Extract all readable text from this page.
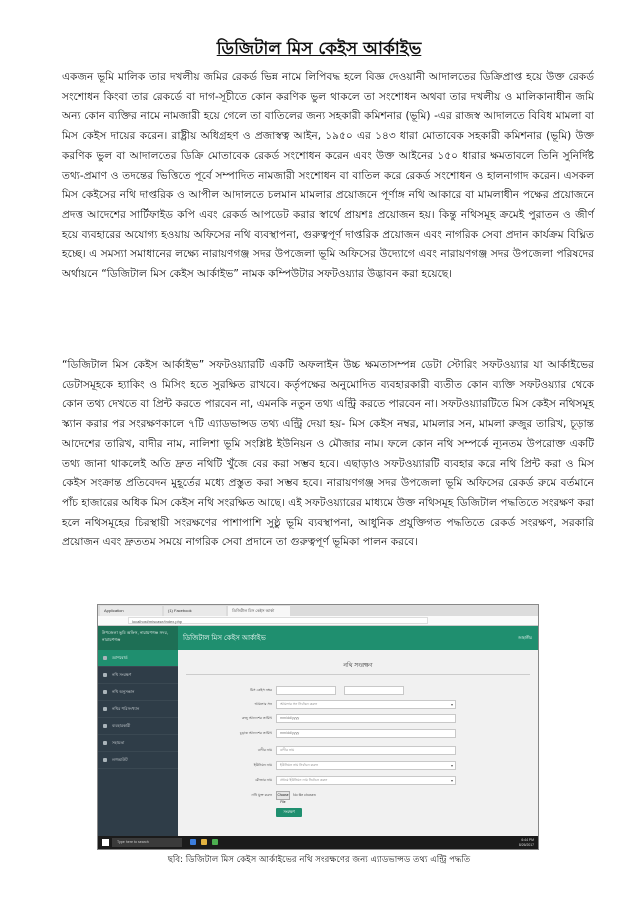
ডিজিটাল মিস কেইস আর্কাইভ

একজন ভূমি মালিক তার দখলীয় জমির রেকর্ড ভিন্ন নামে লিপিবদ্ধ হলে বিজ্ঞ দেওয়ানী আদালতের ডিক্রিপ্রাপ্ত হয়ে উক্ত রেকর্ড সংশোধন কিংবা তার রেকর্ডে বা দাগ-সূচীতে কোন করণিক ভুল থাকলে তা সংশোধন অথবা তার দখলীয় ও মালিকানাধীন জমি অন্য কোন ব্যক্তির নামে নামজারী হয়ে গেলে তা বাতিলের জন্য সহকারী কমিশনার (ভূমি) -এর রাজস্ব আদালতে বিবিধ মামলা বা মিস কেইস দায়ের করেন। রাষ্ট্রীয় অধিগ্রহণ ও প্রজাস্বত্ব আইন, ১৯৫০ এর ১৪৩ ধারা মোতাবেক সহকারী কমিশনার (ভূমি) উক্ত করণিক ভুল বা আদালতের ডিক্রি মোতাবেক রেকর্ড সংশোধন করেন এবং উক্ত আইনের ১৫০ ধারার ক্ষমতাবলে তিনি সুনির্দিষ্ট তথ্য-প্রমাণ ও তদন্তের ভিত্তিতে পূর্বে সম্পাদিত নামজারী সংশোধন বা বাতিল করে রেকর্ড সংশোধন ও হালনাগাদ করেন। এসকল মিস কেইসের নথি দাপ্তরিক ও আপীল আদালতে চলমান মামলার প্রয়োজনে পূর্ণাঙ্গ নথি আকারে বা মামলাধীন পক্ষের প্রয়োজনে প্রদত্ত আদেশের সার্টিফাইড কপি এবং রেকর্ড আপডেট করার স্বার্থে প্রায়শঃ প্রয়োজন হয়। কিন্তু নথিসমূহ ক্রমেই পুরাতন ও জীর্ণ হয়ে ব্যবহারের অযোগ্য হওয়ায় অফিসের নথি ব্যবস্থাপনা, গুরুত্বপূর্ণ দাপ্তরিক প্রয়োজন এবং নাগরিক সেবা প্রদান কার্যক্রম বিঘ্নিত হচ্ছে। এ সমস্যা সমাধানের লক্ষ্যে নারায়ণগঞ্জ সদর উপজেলা ভূমি অফিসের উদ্যোগে এবং নারায়ণগঞ্জ সদর উপজেলা পরিষদের অর্থায়নে “ডিজিটাল মিস কেইস আর্কাইভ” নামক কম্পিউটার সফটওয়্যার উদ্ভাবন করা হয়েছে।

“ডিজিটাল মিস কেইস আর্কাইভ” সফটওয়্যারটি একটি অফলাইন উচ্চ ক্ষমতাসম্পন্ন ডেটা স্টোরিং সফটওয়্যার যা আর্কাইভের ডেটাসমূহকে হ্যাকিং ও মিসিং হতে সুরক্ষিত রাখবে। কর্তৃপক্ষের অনুমোদিত ব্যবহারকারী ব্যতীত কোন ব্যক্তি সফটওয়্যার থেকে কোন তথ্য দেখতে বা প্রিন্ট করতে পারবেন না, এমনকি নতুন তথ্য এন্ট্রি করতে পারবেন না। সফটওয়্যারটিতে মিস কেইস নথিসমূহ স্ক্যান করার পর সংরক্ষণকালে ৭টি এ্যাডভান্সড তথ্য এন্ট্রি দেয়া হয়- মিস কেইস নম্বর, মামলার সন, মামলা রুজুর তারিখ, চূড়ান্ত আদেশের তারিখ, বাদীর নাম, নালিশা ভূমি সংশ্লিষ্ট ইউনিয়ন ও মৌজার নাম। ফলে কোন নথি সম্পর্কে ন্যূনতম উপরোক্ত একটি তথ্য জানা থাকলেই অতি দ্রুত নথিটি খুঁজে বের করা সম্ভব হবে। এছাড়াও সফটওয়্যারটি ব্যবহার করে নথি প্রিন্ট করা ও মিস কেইস সংক্রান্ত প্রতিবেদন মুহূর্তের মধ্যে প্রস্তুত করা সম্ভব হবে। নারায়ণগঞ্জ সদর উপজেলা ভূমি অফিসের রেকর্ড রুমে বর্তমানে পাঁচ হাজারের অধিক মিস কেইস নথি সংরক্ষিত আছে। এই সফটওয়্যারের মাধ্যমে উক্ত নথিসমূহ ডিজিটাল পদ্ধতিতে সংরক্ষণ করা হলে নথিসমূহের চিরস্থায়ী সংরক্ষণের পাশাপাশি সুষ্ঠু ভূমি ব্যবস্থাপনা, আধুনিক প্রযুক্তিগত পদ্ধতিতে রেকর্ড সংরক্ষণ, সরকারি প্রয়োজন এবং দ্রুততম সময়ে নাগরিক সেবা প্রদানে তা গুরুত্বপূর্ণ ভূমিকা পালন করবে।

Application	(1) Facebook	ডিজিটাল মিস কেইস আর্কা
localhost/miscase/index.php
উপজেলা ভূমি অফিস, নারায়ণগঞ্জ সদর, নারায়ণগঞ্জ
ড্যাশবোর্ড
নথি সংরক্ষণ
নথি অনুসন্ধান
নথির পরিসংখ্যান
ব্যবহারকারী
সহায়তা
লগআউট
ডিজিটাল মিস কেইস আর্কাইভ	জাহাঙ্গীর
নথি সংরক্ষণ
মিস কেইস নম্বর
আমলার সন	আমলার সন নির্বাচন করুন ▾
রুজু আদেশের তারিখ	mm/dd/yyyy
চূড়ান্ত আদেশের তারিখ	mm/dd/yyyy
বাদীর নাম	বাদীর নাম
ইউনিয়ন নাম	ইউনিয়ন নাম নির্বাচন করুন ▾
মৌজার নাম	প্রথমে ইউনিয়ন নাম নির্বাচন করুন ▾
নথি যুক্ত করুন	Choose File
No file chosen
সংরক্ষণ
Type here to search	6:44 PM
8/26/2017
ছবি: ডিজিটাল মিস কেইস আর্কাইভের নথি সংরক্ষণের জন্য এ্যাডভান্সড তথ্য এন্ট্রি পদ্ধতি
